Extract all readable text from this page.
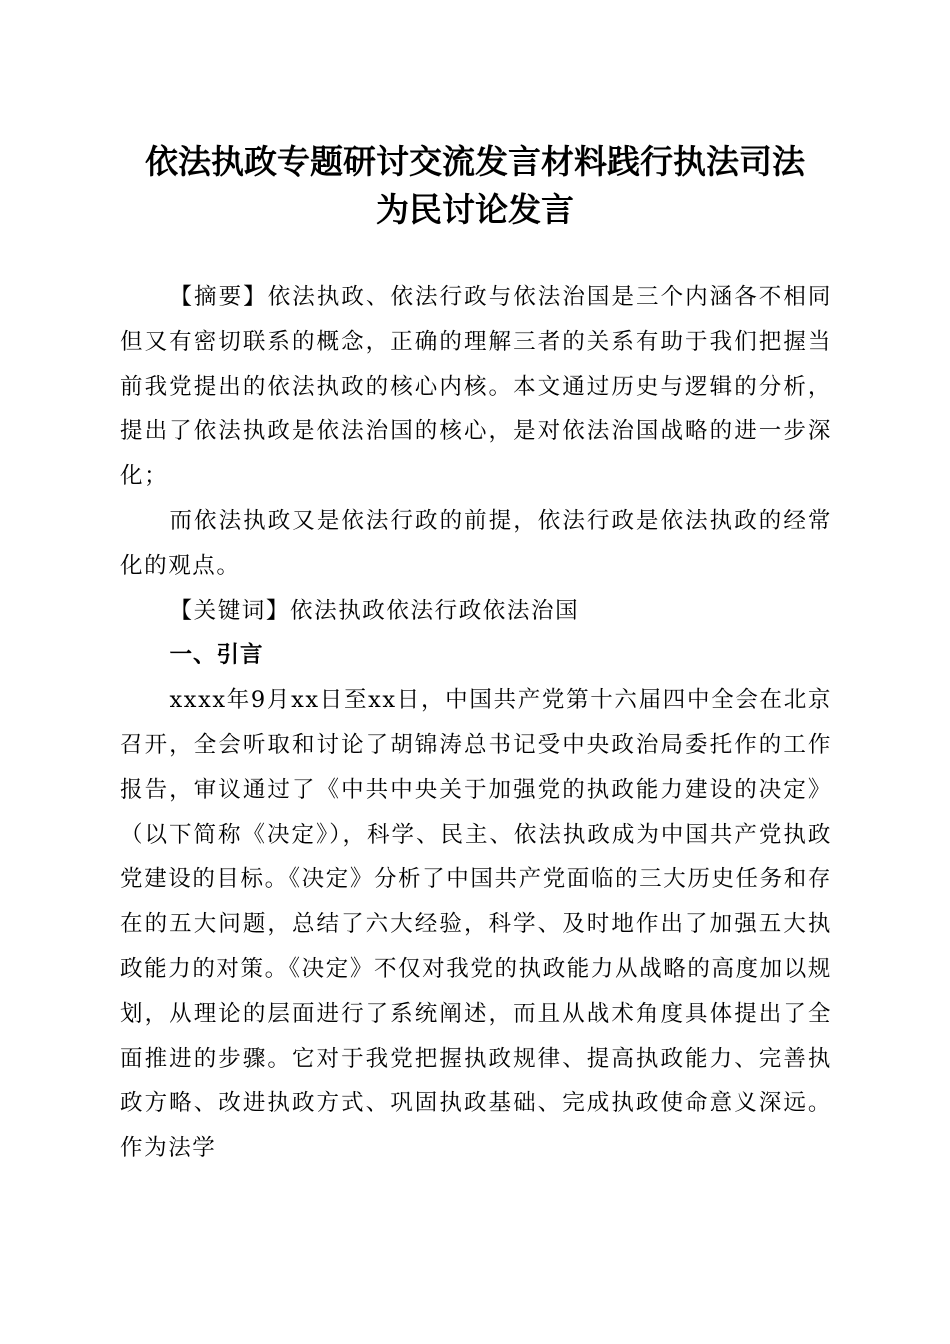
依法执政专题研讨交流发言材料践行执法司法
为民讨论发言

【摘要】依法执政、依法行政与依法治国是三个内涵各不相同但又有密切联系的概念，正确的理解三者的关系有助于我们把握当前我党提出的依法执政的核心内核。本文通过历史与逻辑的分析，提出了依法执政是依法治国的核心，是对依法治国战略的进一步深化；

而依法执政又是依法行政的前提，依法行政是依法执政的经常化的观点。

【关键词】依法执政依法行政依法治国

一、引言

xxxx年9月xx日至xx日，中国共产党第十六届四中全会在北京召开，全会听取和讨论了胡锦涛总书记受中央政治局委托作的工作报告，审议通过了《中共中央关于加强党的执政能力建设的决定》（以下简称《决定》），科学、民主、依法执政成为中国共产党执政党建设的目标。《决定》分析了中国共产党面临的三大历史任务和存在的五大问题，总结了六大经验，科学、及时地作出了加强五大执政能力的对策。《决定》不仅对我党的执政能力从战略的高度加以规划，从理论的层面进行了系统阐述，而且从战术角度具体提出了全面推进的步骤。它对于我党把握执政规律、提高执政能力、完善执政方略、改进执政方式、巩固执政基础、完成执政使命意义深远。作为法学
